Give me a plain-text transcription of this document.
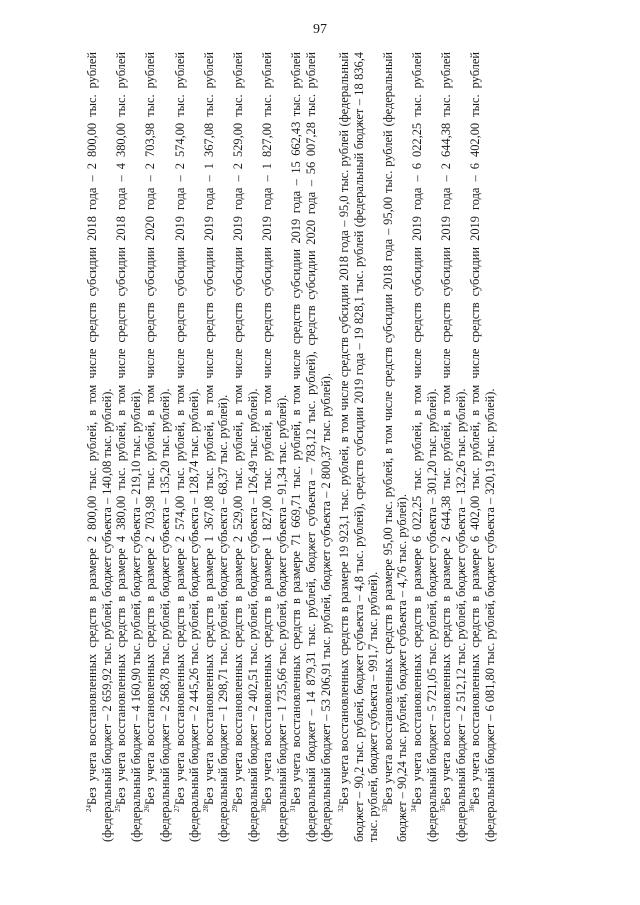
97

$^{24}$Без учета восстановленных средств в размере 2 800,00 тыс. рублей, в том числе средств субсидии 2018 года – 2 800,00 тыс. рублей (федеральный бюджет – 2 659,92 тыс. рублей, бюджет субъекта – 140,08 тыс. рублей). $^{25}$Без учета восстановленных средств в размере 4 380,00 тыс. рублей, в том числе средств субсидии 2018 года – 4 380,00 тыс. рублей (федеральный бюджет – 4 160,90 тыс. рублей, бюджет субъекта – 219,10 тыс. рублей). $^{26}$Без учета восстановленных средств в размере 2 703,98 тыс. рублей, в том числе средств субсидии 2020 года – 2 703,98 тыс. рублей (федеральный бюджет – 2 568,78 тыс. рублей, бюджет субъекта – 135,20 тыс. рублей). $^{27}$Без учета восстановленных средств в размере 2 574,00 тыс. рублей, в том числе средств субсидии 2019 года – 2 574,00 тыс. рублей (федеральный бюджет – 2 445,26 тыс. рублей, бюджет субъекта – 128,74 тыс. рублей). $^{28}$Без учета восстановленных средств в размере 1 367,08 тыс. рублей, в том числе средств субсидии 2019 года – 1 367,08 тыс. рублей (федеральный бюджет – 1 298,71 тыс. рублей, бюджет субъекта – 68,37 тыс. рублей). $^{29}$Без учета восстановленных средств в размере 2 529,00 тыс. рублей, в том числе средств субсидии 2019 года – 2 529,00 тыс. рублей (федеральный бюджет – 2 402,51 тыс. рублей, бюджет субъекта – 126,49 тыс. рублей). $^{30}$Без учета восстановленных средств в размере 1 827,00 тыс. рублей, в том числе средств субсидии 2019 года – 1 827,00 тыс. рублей (федеральный бюджет – 1 735,66 тыс. рублей, бюджет субъекта – 91,34 тыс. рублей). $^{31}$Без учета восстановленных средств в размере 71 669,71 тыс. рублей, в том числе средств субсидии 2019 года – 15 662,43 тыс. рублей (федеральный бюджет – 14 879,31 тыс. рублей, бюджет субъекта – 783,12 тыс. рублей), средств субсидии 2020 года – 56 007,28 тыс. рублей (федеральный бюджет – 53 206,91 тыс. рублей, бюджет субъекта – 2 800,37 тыс. рублей). $^{32}$Без учета восстановленных средств в размере 19 923,1 тыс. рублей, в том числе средств субсидии 2018 года – 95,0 тыс. рублей (федеральный бюджет – 90,2 тыс. рублей, бюджет субъекта – 4,8 тыс. рублей), средств субсидии 2019 года – 19 828,1 тыс. рублей (федеральный бюджет – 18 836,4 тыс. рублей, бюджет субъекта – 991,7 тыс. рублей). $^{33}$Без учета восстановленных средств в размере 95,00 тыс. рублей, в том числе средств субсидии 2018 года – 95,00 тыс. рублей (федеральный бюджет – 90,24 тыс. рублей, бюджет субъекта – 4,76 тыс. рублей). $^{34}$Без учета восстановленных средств в размере 6 022,25 тыс. рублей, в том числе средств субсидии 2019 года – 6 022,25 тыс. рублей (федеральный бюджет – 5 721,05 тыс. рублей, бюджет субъекта – 301,20 тыс. рублей). $^{35}$Без учета восстановленных средств в размере 2 644,38 тыс. рублей, в том числе средств субсидии 2019 года – 2 644,38 тыс. рублей (федеральный бюджет – 2 512,12 тыс. рублей, бюджет субъекта – 132,26 тыс. рублей). $^{36}$Без учета восстановленных средств в размере 6 402,00 тыс. рублей, в том числе средств субсидии 2019 года – 6 402,00 тыс. рублей (федеральный бюджет – 6 081,80 тыс. рублей, бюджет субъекта – 320,19 тыс. рублей).
